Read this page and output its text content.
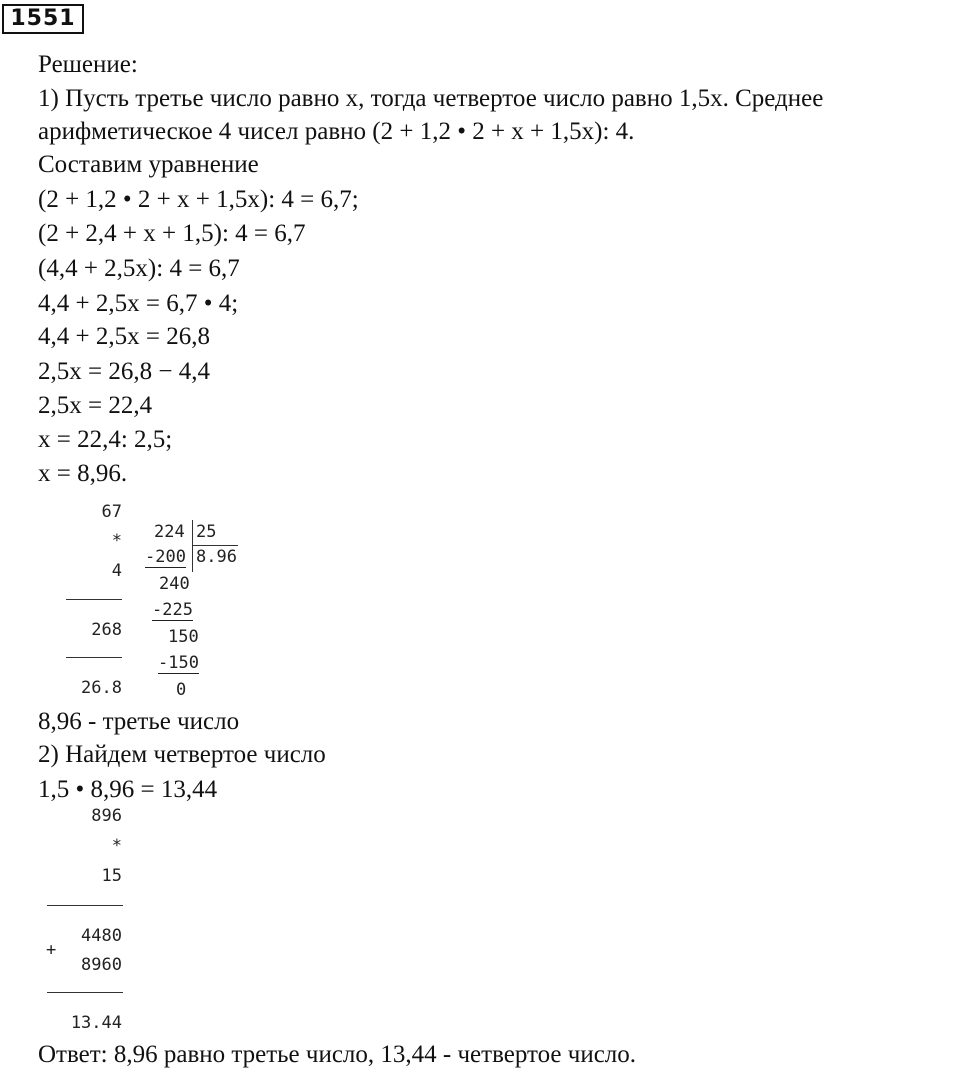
1551
Решение:
1) Пусть третье число равно x, тогда четвертое число равно 1,5x. Среднее
арифметическое 4 чисел равно (2 + 1,2 • 2 + x + 1,5x): 4.
Составим уравнение
(2 + 1,2 • 2 + x + 1,5x): 4 = 6,7;
(2 + 2,4 + x + 1,5): 4 = 6,7
(4,4 + 2,5x): 4 = 6,7
4,4 + 2,5x = 6,7 • 4;
4,4 + 2,5x = 26,8
2,5x = 26,8 − 4,4
2,5x = 22,4
x = 22,4: 2,5;
x = 8,96.
67
*
4
268
26.8
224 25
-200 8.96
240
-225
150
-150
0
8,96 - третье число
2) Найдем четвертое число
1,5 • 8,96 = 13,44
896
*
15
4480
+
8960
13.44
Ответ: 8,96 равно третье число, 13,44 - четвертое число.
